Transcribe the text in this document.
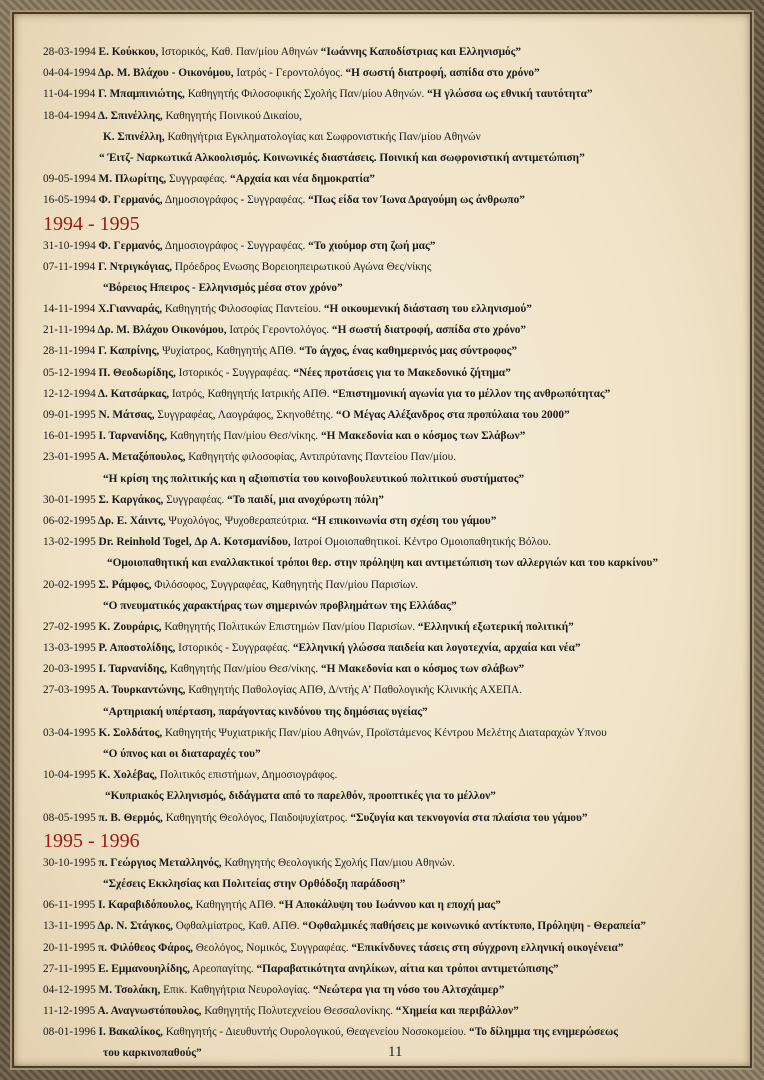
28-03-1994 Ε. Κούκκου, Ιστορικός, Καθ. Παν/μίου Αθηνών “Ιωάννης Καποδίστριας και Ελληνισμός”
04-04-1994 Δρ. Μ. Βλάχου - Οικονόμου, Ιατρός - Γεροντολόγος. “Η σωστή διατροφή, ασπίδα στο χρόνο”
11-04-1994 Γ. Μπαμπινιώτης, Καθηγητής Φιλοσοφικής Σχολής Παν/μίου Αθηνών. “Η γλώσσα ως εθνική ταυτότητα”
18-04-1994 Δ. Σπινέλλης, Καθηγητής Ποινικού Δικαίου,
Κ. Σπινέλλη, Καθηγήτρια Εγκληματολογίας και Σωφρονιστικής Παν/μίου Αθηνών
“ Έιτζ- Ναρκωτικά Αλκοολισμός. Κοινωνικές διαστάσεις. Ποινική και σωφρονιστική αντιμετώπιση”
09-05-1994 Μ. Πλωρίτης, Συγγραφέας. “Αρχαία και νέα δημοκρατία”
16-05-1994 Φ. Γερμανός, Δημοσιογράφος - Συγγραφέας. “Πως είδα τον Ίωνα Δραγούμη ως άνθρωπο”
1994 - 1995
31-10-1994 Φ. Γερμανός, Δημοσιογράφος - Συγγραφέας. “Το χιούμορ στη ζωή μας”
07-11-1994 Γ. Ντριγκόγιας, Πρόεδρος Ενωσης Βορειοηπειρωτικού Αγώνα Θες/νίκης
“Βόρειος Ηπειρος - Ελληνισμός μέσα στον χρόνο”
14-11-1994 Χ.Γιανναράς, Καθηγητής Φιλοσοφίας Παντείου. “Η οικουμενική διάσταση του ελληνισμού”
21-11-1994 Δρ. Μ. Βλάχου Οικονόμου, Ιατρός Γεροντολόγος. “Η σωστή διατροφή, ασπίδα στο χρόνο”
28-11-1994 Γ. Καπρίνης, Ψυχίατρος, Καθηγητής ΑΠΘ. “Το άγχος, ένας καθημερινός μας σύντροφος”
05-12-1994 Π. Θεοδωρίδης, Ιστορικός - Συγγραφέας. “Νέες προτάσεις για το Μακεδονικό ζήτημα”
12-12-1994 Δ. Κατσάρκας, Ιατρός, Καθηγητής Ιατρικής ΑΠΘ. “Επιστημονική αγωνία για το μέλλον της ανθρωπότητας”
09-01-1995 Ν. Μάτσας, Συγγραφέας, Λαογράφος, Σκηνοθέτης. “Ο Μέγας Αλέξανδρος στα προπύλαια του 2000”
16-01-1995 Ι. Ταρνανίδης, Καθηγητής Παν/μίου Θεσ/νίκης. “Η Μακεδονία και ο κόσμος των Σλάβων”
23-01-1995 Α. Μεταξόπουλος, Καθηγητής φιλοσοφίας, Αντιπρύτανης Παντείου Παν/μίου.
“Η κρίση της πολιτικής και η αξιοπιστία του κοινοβουλευτικού πολιτικού συστήματος”
30-01-1995 Σ. Καργάκος, Συγγραφέας. “Το παιδί, μια ανοχύρωτη πόλη”
06-02-1995 Δρ. Ε. Χάιντς, Ψυχολόγος, Ψυχοθεραπεύτρια. “Η επικοινωνία στη σχέση του γάμου”
13-02-1995 Dr. Reinhold Togel, Δρ Α. Κοτσμανίδου, Ιατροί Ομοιοπαθητικοί. Κέντρο Ομοιοπαθητικής Βόλου.
“Ομοιοπαθητική και εναλλακτικοί τρόποι θερ. στην πρόληψη και αντιμετώπιση των αλλεργιών και του καρκίνου”
20-02-1995 Σ. Ράμφος, Φιλόσοφος, Συγγραφέας, Καθηγητής Παν/μίου Παρισίων.
“Ο πνευματικός χαρακτήρας των σημερινών προβλημάτων της Ελλάδας”
27-02-1995 Κ. Ζουράρις, Καθηγητής Πολιτικών Επιστημών Παν/μίου Παρισίων. “Ελληνική εξωτερική πολιτική”
13-03-1995 Ρ. Αποστολίδης, Ιστορικός - Συγγραφέας. “Ελληνική γλώσσα παιδεία και λογοτεχνία, αρχαία και νέα”
20-03-1995 Ι. Ταρνανίδης, Καθηγητής Παν/μίου Θεσ/νίκης. “Η Μακεδονία και ο κόσμος των σλάβων”
27-03-1995 Α. Τουρκαντώνης, Καθηγητής Παθολογίας ΑΠΘ, Δ/ντής Α’ Παθολογικής Κλινικής ΑΧΕΠΑ.
“Αρτηριακή υπέρταση, παράγοντας κινδύνου της δημόσιας υγείας”
03-04-1995 Κ. Σολδάτος, Καθηγητής Ψυχιατρικής Παν/μίου Αθηνών, Προϊστάμενος Κέντρου Μελέτης Διαταραχών Υπνου
“Ο ύπνος και οι διαταραχές του”
10-04-1995 Κ. Χολέβας, Πολιτικός επιστήμων, Δημοσιογράφος.
“Κυπριακός Ελληνισμός, διδάγματα από το παρελθόν, προοπτικές για το μέλλον”
08-05-1995 π. Β. Θερμός, Καθηγητής Θεολόγος, Παιδοψυχίατρος. “Συζυγία και τεκνογονία στα πλαίσια του γάμου”
1995 - 1996
30-10-1995 π. Γεώργιος Μεταλληνός, Καθηγητής Θεολογικής Σχολής Παν/μιου Αθηνών.
“Σχέσεις Εκκλησίας και Πολιτείας στην Ορθόδοξη παράδοση”
06-11-1995 Ι. Καραβιδόπουλος, Καθηγητής ΑΠΘ. “Η Αποκάλυψη του Ιωάννου και η εποχή μας”
13-11-1995 Δρ. Ν. Στάγκος, Οφθαλμίατρος, Καθ. ΑΠΘ. “Οφθαλμικές παθήσεις με κοινωνικό αντίκτυπο, Πρόληψη - Θεραπεία”
20-11-1995 π. Φιλόθεος Φάρος, Θεολόγος, Νομικός, Συγγραφέας. “Επικίνδυνες τάσεις στη σύγχρονη ελληνική οικογένεια”
27-11-1995 Ε. Εμμανουηλίδης, Αρεοπαγίτης. “Παραβατικότητα ανηλίκων, αίτια και τρόποι αντιμετώπισης”
04-12-1995 Μ. Τσολάκη, Επικ. Καθηγήτρια Νευρολογίας. “Νεώτερα για τη νόσο του Αλτσχάιμερ”
11-12-1995 Α. Αναγνωστόπουλος, Καθηγητής Πολυτεχνείου Θεσσαλονίκης. “Χημεία και περιβάλλον”
08-01-1996 Ι. Βακαλίκος, Καθηγητής - Διευθυντής Ουρολογικού, Θεαγενείου Νοσοκομείου. “Το δίλημμα της ενημερώσεως
του καρκινοπαθούς”	11
